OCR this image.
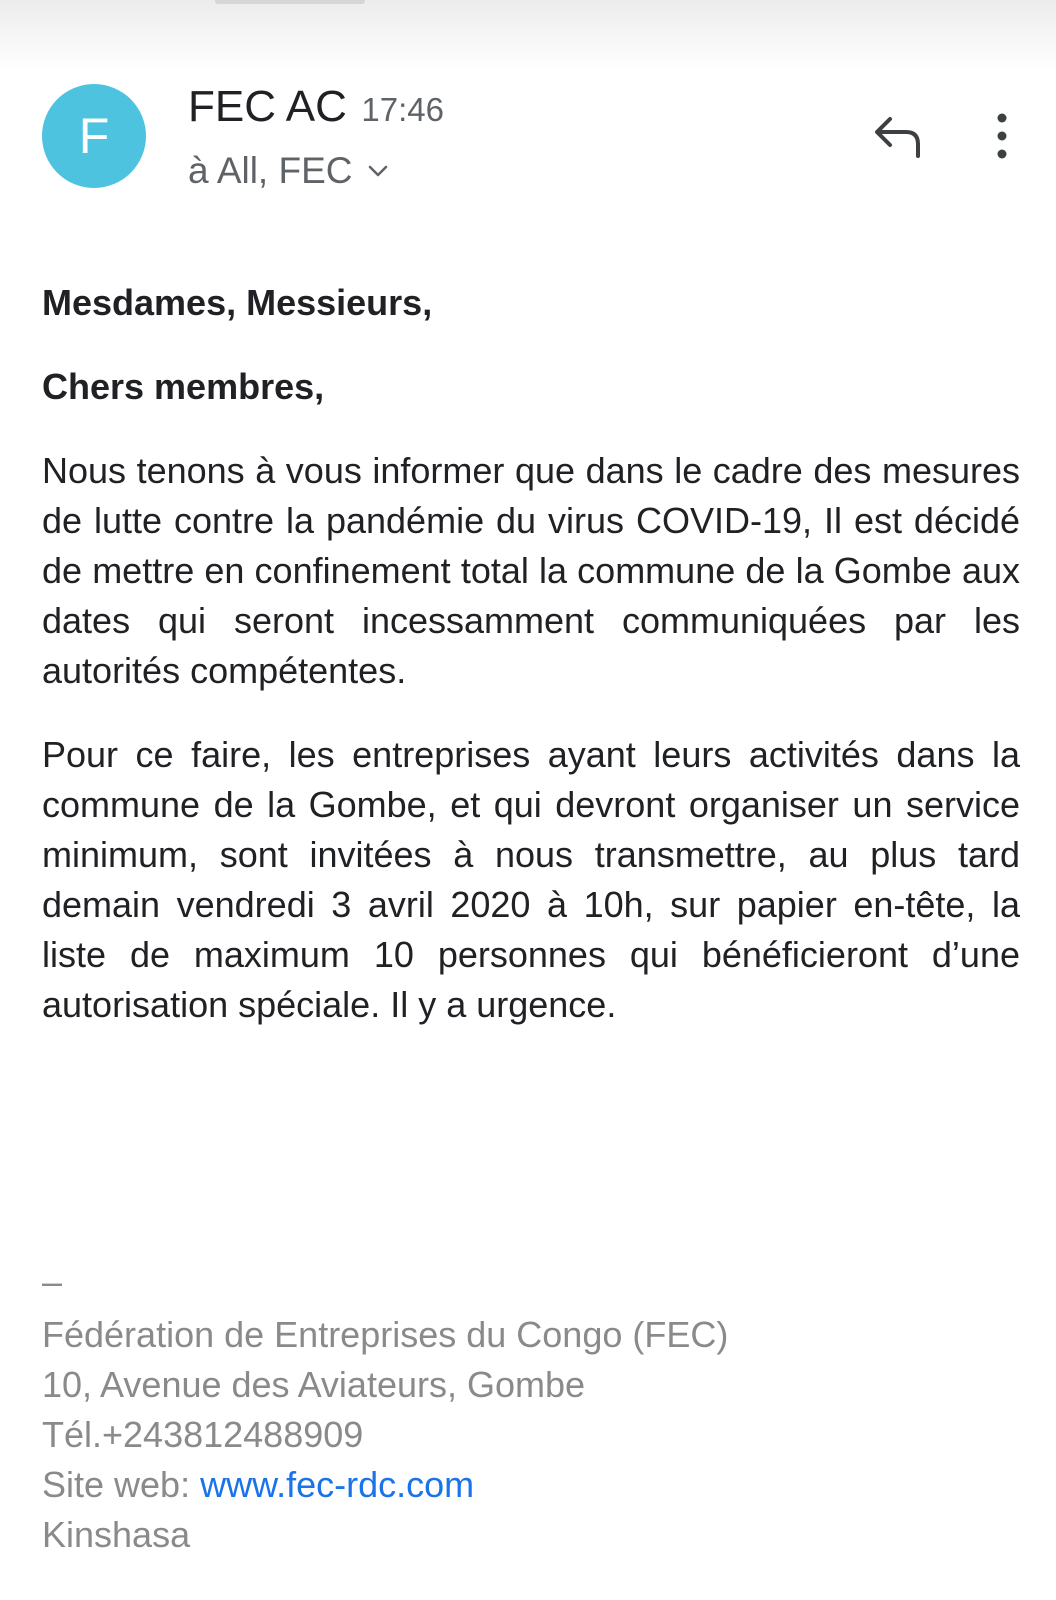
F
FEC AC 17:46
à All, FEC

Mesdames, Messieurs,

Chers membres,

Nous tenons à vous informer que dans le cadre des mesures de lutte contre la pandémie du virus COVID-19, Il est décidé de mettre en confinement total la commune de la Gombe aux dates qui seront incessamment communiquées par les autorités compétentes.

Pour ce faire, les entreprises ayant leurs activités dans la commune de la Gombe, et qui devront organiser un service minimum, sont invitées à nous transmettre, au plus tard demain vendredi 3 avril 2020 à 10h, sur papier en-tête, la liste de maximum 10 personnes qui bénéficieront d’une autorisation spéciale. Il y a urgence.

–
Fédération de Entreprises du Congo (FEC)
10, Avenue des Aviateurs, Gombe
Tél.+243812488909
Site web: www.fec-rdc.com
Kinshasa
